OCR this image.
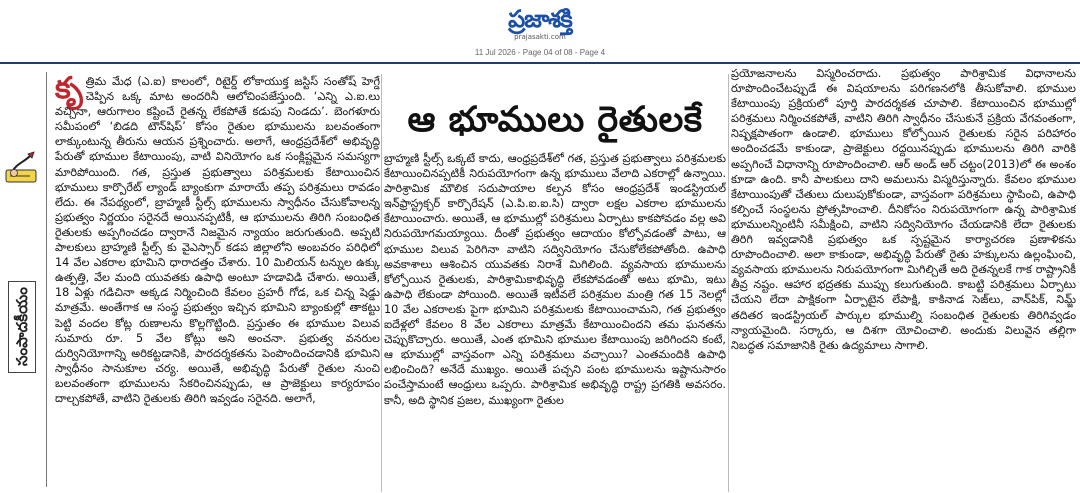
ప్రజాశక్తి
prajasakti.com
11 Jul 2026 - Page 04 of 08 - Page 4
సంపాదకీయం

కృత్రిమ మేధ (ఎ.ఐ) కాలంలో, రిటైర్డ్ లోకాయుక్త జస్టిస్ సంతోష్ హెగ్డే చెప్పిన ఒక్క మాట అందరినీ ఆలోచింపజేస్తుంది. ‘ఎన్ని ఎ.ఐ.లు వచ్చినా, ఆరుగాలం కష్టించే రైతన్న లేకపోతే కడుపు నిండదు’. బెంగళూరు సమీపంలో ‘బిడది టౌన్‌షిప్’ కోసం రైతుల భూములను బలవంతంగా లాక్కుంటున్న తీరును ఆయన ప్రశ్నించారు. అలాగే, ఆంధ్రప్రదేశ్‌లో అభివృద్ధి పేరుతో భూముల కేటాయింపు, వాటి వినియోగం ఒక సంక్లిష్టమైన సమస్యగా మారిపోయింది. గత, ప్రస్తుత ప్రభుత్వాలు పరిశ్రమలకు కేటాయించిన భూములు కార్పొరేట్ ల్యాండ్ బ్యాంకుగా మారాయే తప్ప పరిశ్రమలు రావడం లేదు. ఈ నేపథ్యంలో, బ్రాహ్మణీ స్టీల్స్ భూములను స్వాధీనం చేసుకోవాలన్న ప్రభుత్వం నిర్ణయం సరైనదే అయినప్పటికీ, ఆ భూములను తిరిగి సంబంధిత రైతులకు అప్పగించడం ద్వారానే నిజమైన న్యాయం జరుగుతుంది. అప్పటి పాలకులు బ్రాహ్మణి స్టీల్స్ కు వైఎస్సార్ కడప జిల్లాలోని అంబవరం పరిధిలో 14 వేల ఎకరాల భూమిని ధారాదత్తం చేశారు. 10 మిలియన్ టన్నుల ఉక్కు ఉత్పత్తి, వేల మంది యువతకు ఉపాధి అంటూ హడావిడి చేశారు. అయితే, 18 ఏళ్లు గడిచినా అక్కడ నిర్మించింది కేవలం ప్రహరీ గోడ, ఒక చిన్న షెడ్డు మాత్రమే. అంతేగాక ఆ సంస్థ ప్రభుత్వం ఇచ్చిన భూమిని బ్యాంకుల్లో తాకట్టు పెట్టి వందల కోట్ల రుణాలను కొల్లగొట్టింది. ప్రస్తుతం ఈ భూముల విలువ సుమారు రూ. 5 వేల కోట్లు అని అంచనా. ప్రభుత్వ వనరుల దుర్వినియోగాన్ని అరికట్టడానికి, పారదర్శకతను పెంపొందించడానికి భూమిని స్వాధీనం సానుకూల చర్య. అయితే, అభివృద్ధి పేరుతో రైతుల నుంచి బలవంతంగా భూములను సేకరించినప్పుడు, ఆ ప్రాజెక్టులు కార్యరూపం దాల్చకపోతే, వాటిని రైతులకు తిరిగి ఇవ్వడం సరైనది. అలాగే,

ఆ భూములు రైతులకే

బ్రాహ్మణి స్టీల్స్ ఒక్కటే కాదు, ఆంధ్రప్రదేశ్‌లో గత, ప్రస్తుత ప్రభుత్వాలు పరిశ్రమలకు కేటాయించినప్పటికీ నిరుపయోగంగా ఉన్న భూములు వేలాది ఎకరాల్లో ఉన్నాయి. పారిశ్రామిక మౌలిక సదుపాయాల కల్పన కోసం ఆంధ్రప్రదేశ్ ఇండస్ట్రియల్ ఇన్‌ఫ్రాస్ట్రక్చర్ కార్పొరేషన్ (ఎ.పి.ఐ.ఐ.సి) ద్వారా లక్షల ఎకరాల భూములను కేటాయించారు. అయితే, ఆ భూముల్లో పరిశ్రమలు ఏర్పాటు కాకపోవడం వల్ల అవి నిరుపయోగమయ్యాయి. దీంతో ప్రభుత్వం ఆదాయం కోల్పోవడంతో పాటు, ఆ భూముల విలువ పెరిగినా వాటిని సద్వినియోగం చేసుకోలేకపోతోంది. ఉపాధి అవకాశాలు ఆశించిన యువతకు నిరాశే మిగిలింది. వ్యవసాయ భూములను కోల్పోయిన రైతులకు, పారిశ్రామికాభివృద్ధి లేకపోవడంతో అటు భూమి, ఇటు ఉపాధి లేకుండా పోయింది. అయితే ఇటీవలే పరిశ్రమల మంత్రి గత 15 నెలల్లో 10 వేల ఎకరాలకు పైగా భూమిని పరిశ్రమలకు కేటాయించామని, గత ప్రభుత్వం ఐదేళ్లలో కేవలం 8 వేల ఎకరాలు మాత్రమే కేటాయించిందని తమ ఘనతను చెప్పుకొచ్చారు. అయితే, ఎంత భూమిని భూముల కేటాయింపు జరిగిందని కంటే, ఆ భూముల్లో వాస్తవంగా ఎన్ని పరిశ్రమలు వచ్చాయి? ఎంతమందికి ఉపాధి లభించింది? అనేదే ముఖ్యం. అయితే పచ్చని పంట భూములను ఇష్టానుసారం పంచేస్తామంటే ఆంధ్రులు ఒప్పరు. పారిశ్రామిక అభివృద్ధి రాష్ట్ర ప్రగతికి అవసరం. కానీ, అది స్థానిక ప్రజల, ముఖ్యంగా రైతుల

ప్రయోజనాలను విస్మరించరాదు. ప్రభుత్వం పారిశ్రామిక విధానాలను రూపొందించేటప్పుడే ఈ విషయాలను పరిగణనలోకి తీసుకోవాలి. భూముల కేటాయింపు ప్రక్రియలో పూర్తి పారదర్శకత చూపాలి. కేటాయించిన భూముల్లో పరిశ్రమలు నిర్మించకపోతే, వాటిని తిరిగి స్వాధీనం చేసుకునే ప్రక్రియ వేగవంతంగా, నిష్పక్షపాతంగా ఉండాలి. భూములు కోల్పోయిన రైతులకు సరైన పరిహారం అందించడమే కాకుండా, ప్రాజెక్టులు రద్దయినప్పుడు భూములను తిరిగి వారికి అప్పగించే విధానాన్ని రూపొందించాలి. ఆర్ అండ్ ఆర్ చట్టం(2013)లో ఈ అంశం కూడా ఉంది. కానీ పాలకులు దాని అమలును విస్మరిస్తున్నారు. కేవలం భూముల కేటాయింపుతో చేతులు దులుపుకోకుండా, వాస్తవంగా పరిశ్రమలు స్థాపించి, ఉపాధి కల్పించే సంస్థలను ప్రోత్సహించాలి. దీనికోసం నిరుపయోగంగా ఉన్న పారిశ్రామిక భూములన్నింటినీ సమీక్షించి, వాటిని సద్వినియోగం చేయడానికి లేదా రైతులకు తిరిగి ఇవ్వడానికి ప్రభుత్వం ఒక స్పష్టమైన కార్యాచరణ ప్రణాళికను రూపొందించాలి. అలా కాకుండా, అభివృద్ధి పేరుతో రైతు హక్కులను ఉల్లంఘించి, వ్యవసాయ భూములను నిరుపయోగంగా మిగిల్చితే అది రైతన్నలకే గాక రాష్ట్రానికీ తీవ్ర నష్టం. ఆహార భద్రతకు ముప్పు కలుగుతుంది. కాబట్టి పరిశ్రమలు ఏర్పాటు చేయని లేదా పాక్షికంగా ఏర్పాటైన లేపాక్షి, కాకినాడ సెజ్‌లు, వాన్‌పిక్, నిమ్జ్ తదితర ఇండస్ట్రియల్ పార్కుల భూముల్ని సంబంధిత రైతులకు తిరిగివ్వడం న్యాయమైంది. సర్కారు, ఆ దిశగా యోచించాలి. అందుకు విలువైన తల్లిగా నిబద్ధత సమాజానికి రైతు ఉద్యమాలు సాగాలి.
